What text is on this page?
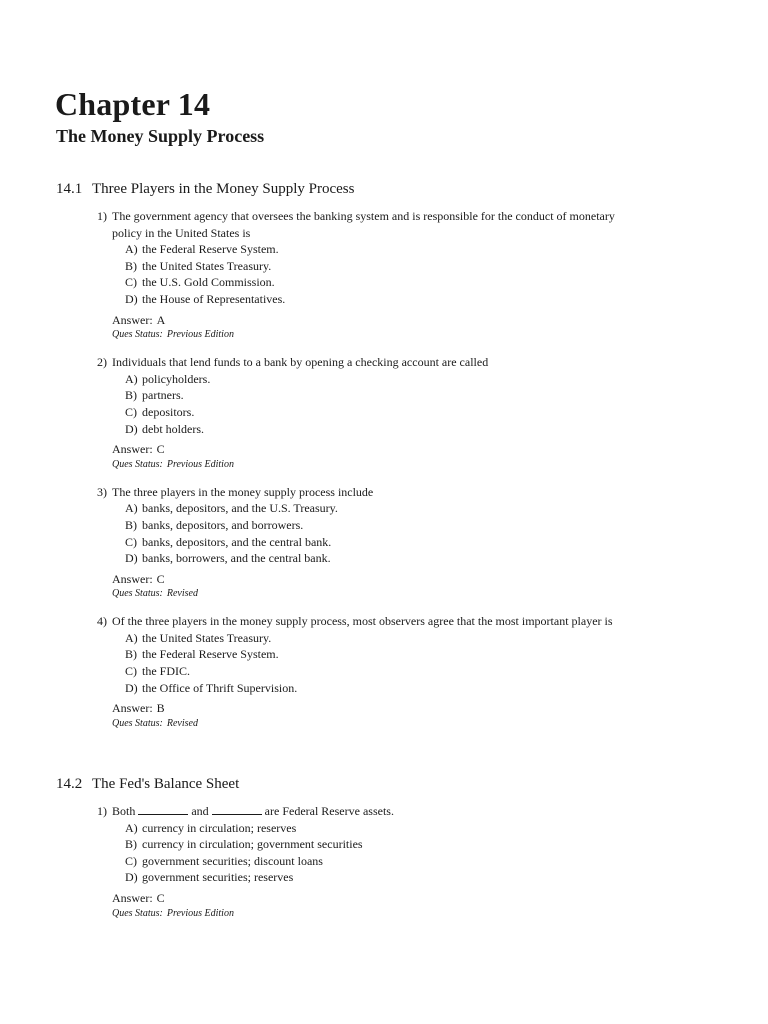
Chapter 14
The Money Supply Process
14.1 Three Players in the Money Supply Process
1) The government agency that oversees the banking system and is responsible for the conduct of monetary policy in the United States is
A) the Federal Reserve System.
B) the United States Treasury.
C) the U.S. Gold Commission.
D) the House of Representatives.
Answer: A
Ques Status: Previous Edition
2) Individuals that lend funds to a bank by opening a checking account are called
A) policyholders.
B) partners.
C) depositors.
D) debt holders.
Answer: C
Ques Status: Previous Edition
3) The three players in the money supply process include
A) banks, depositors, and the U.S. Treasury.
B) banks, depositors, and borrowers.
C) banks, depositors, and the central bank.
D) banks, borrowers, and the central bank.
Answer: C
Ques Status: Revised
4) Of the three players in the money supply process, most observers agree that the most important player is
A) the United States Treasury.
B) the Federal Reserve System.
C) the FDIC.
D) the Office of Thrift Supervision.
Answer: B
Ques Status: Revised
14.2 The Fed's Balance Sheet
1) Both	and	are Federal Reserve assets.
A) currency in circulation; reserves
B) currency in circulation; government securities
C) government securities; discount loans
D) government securities; reserves
Answer: C
Ques Status: Previous Edition
